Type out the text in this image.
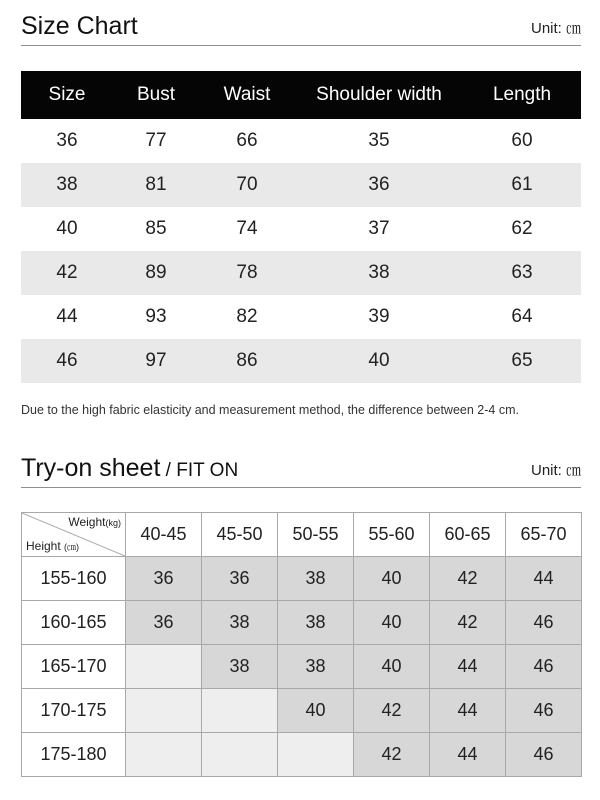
Size Chart	Unit: ㎝
Size	Bust	Waist	Shoulder width	Length
36	77	66	35	60
38	81	70	36	61
40	85	74	37	62
42	89	78	38	63
44	93	82	39	64
46	97	86	40	65
Due to the high fabric elasticity and measurement method, the difference between 2-4 cm.
Try-on sheet / FIT ON	Unit: ㎝
Weight(kg)
Height (㎝)	40-45	45-50	50-55	55-60	60-65	65-70
155-160	36	36	38	40	42	44
160-165	36	38	38	40	42	46
165-170		38	38	40	44	46
170-175			40	42	44	46
175-180				42	44	46
